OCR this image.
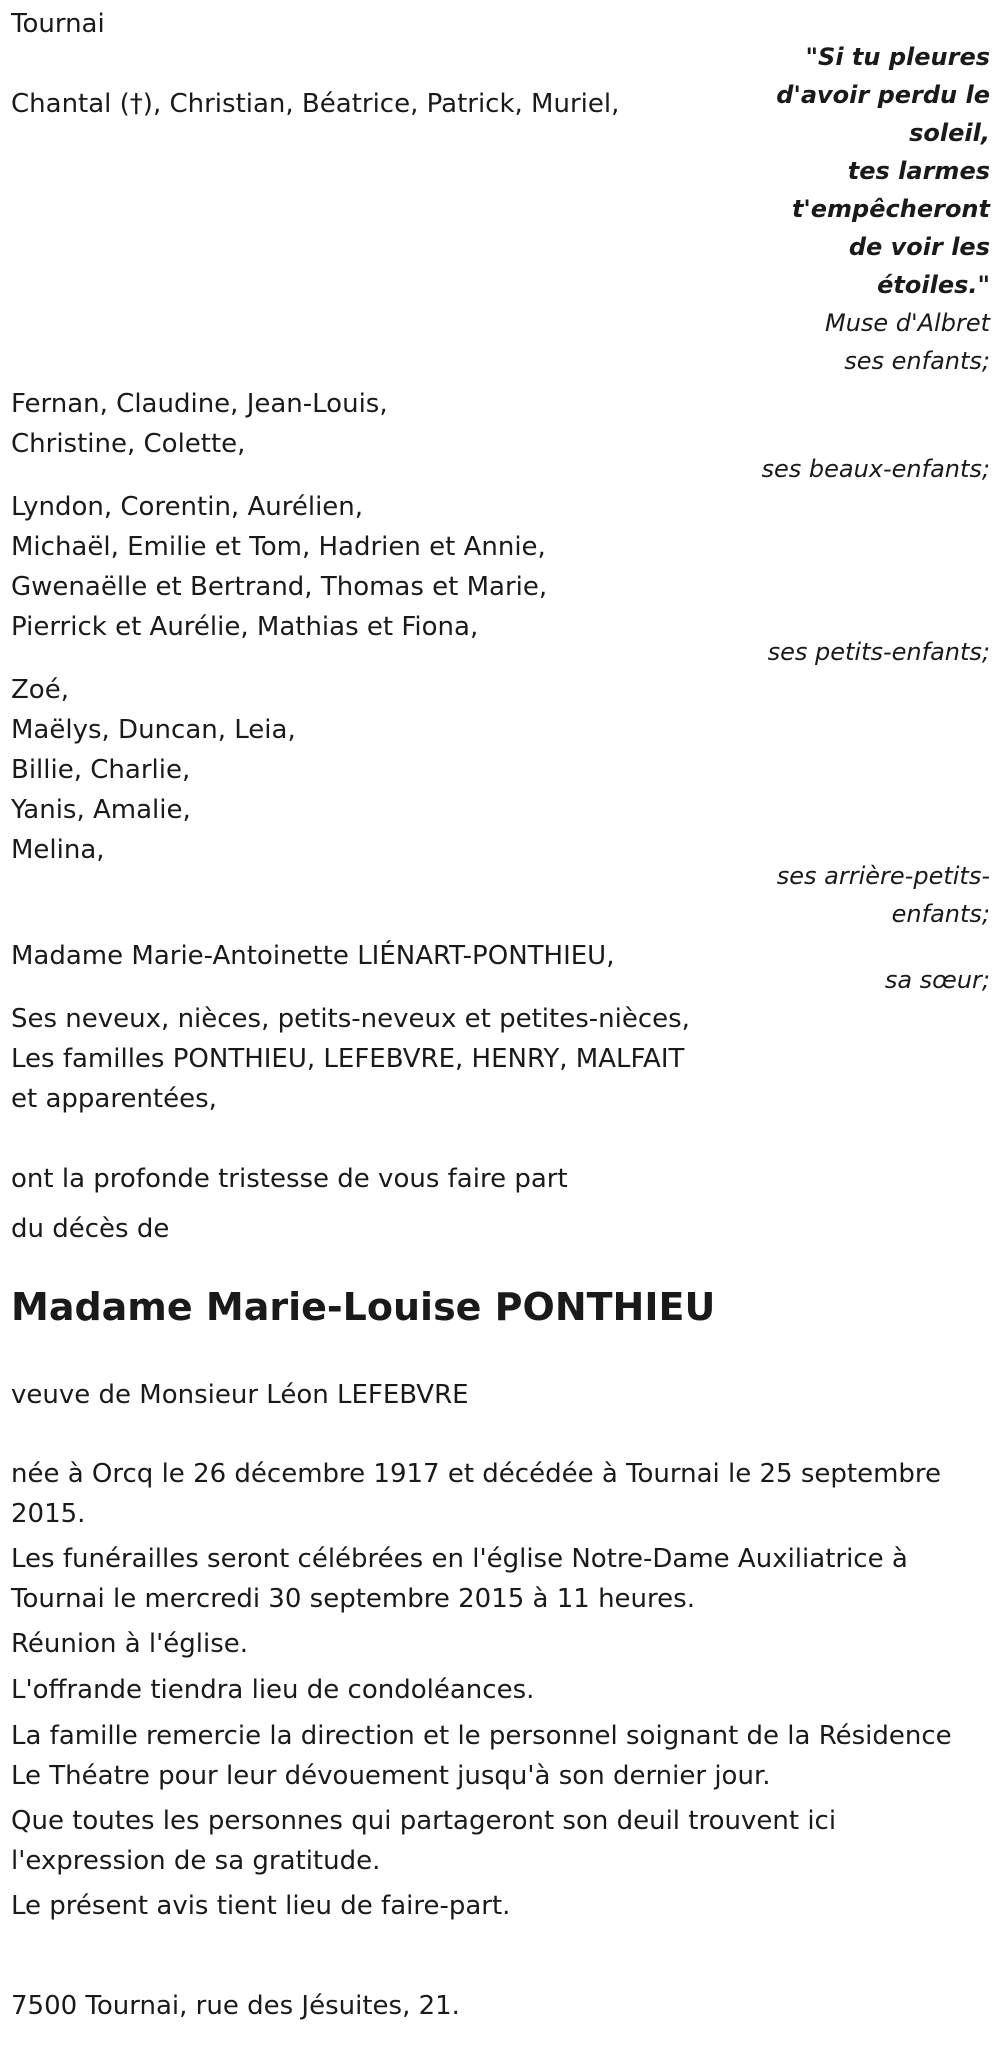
Tournai

"Si tu pleures

d'avoir perdu le

soleil,

tes larmes

t'empêcheront

de voir les

étoiles."

Muse d'Albret

Chantal (†), Christian, Béatrice, Patrick, Muriel,

ses enfants;

Fernan, Claudine, Jean-Louis,

Christine, Colette,

ses beaux-enfants;

Lyndon, Corentin, Aurélien,

Michaël, Emilie et Tom, Hadrien et Annie,

Gwenaëlle et Bertrand, Thomas et Marie,

Pierrick et Aurélie, Mathias et Fiona,

ses petits-enfants;

Zoé,

Maëlys, Duncan, Leia,

Billie, Charlie,

Yanis, Amalie,

Melina,

ses arrière-petits-

enfants;

Madame Marie-Antoinette LIÉNART-PONTHIEU,

sa sœur;

Ses neveux, nièces, petits-neveux et petites-nièces,

Les familles PONTHIEU, LEFEBVRE, HENRY, MALFAIT

et apparentées,

ont la profonde tristesse de vous faire part

du décès de

Madame Marie-Louise PONTHIEU

veuve de Monsieur Léon LEFEBVRE

née à Orcq le 26 décembre 1917 et décédée à Tournai le 25 septembre 2015.

Les funérailles seront célébrées en l'église Notre-Dame Auxiliatrice à Tournai le mercredi 30 septembre 2015 à 11 heures.

Réunion à l'église.

L'offrande tiendra lieu de condoléances.

La famille remercie la direction et le personnel soignant de la Résidence Le Théatre pour leur dévouement jusqu'à son dernier jour.

Que toutes les personnes qui partageront son deuil trouvent ici l'expression de sa gratitude.

Le présent avis tient lieu de faire-part.

7500 Tournai, rue des Jésuites, 21.
